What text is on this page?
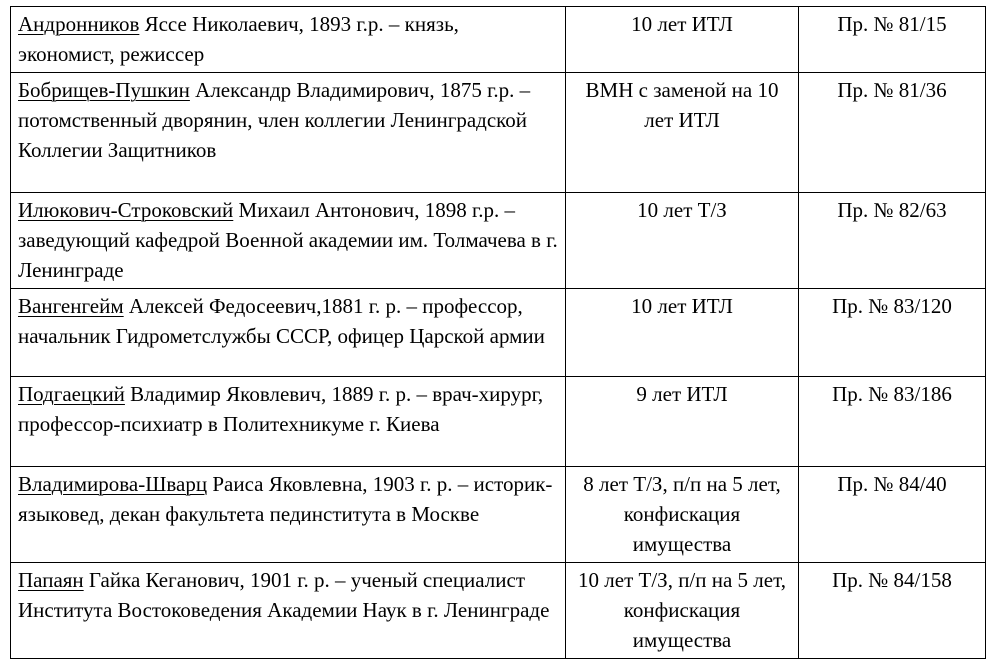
Андронников Яссе Николаевич, 1893 г.р. – князь, экономист, режиссер	10 лет ИТЛ	Пр. № 81/15
Бобрищев-Пушкин Александр Владимирович, 1875 г.р. – потомственный дворянин, член коллегии Ленинградской Коллегии Защитников	ВМН с заменой на 10 лет ИТЛ	Пр. № 81/36
Илюкович-Строковский Михаил Антонович, 1898 г.р. – заведующий кафедрой Военной академии им. Толмачева в г. Ленинграде	10 лет Т/З	Пр. № 82/63
Вангенгейм Алексей Федосеевич,1881 г. р. – профессор, начальник Гидрометслужбы СССР, офицер Царской армии	10 лет ИТЛ	Пр. № 83/120
Подгаецкий Владимир Яковлевич, 1889 г. р. – врач-хирург, профессор-психиатр в Политехникуме г. Киева	9 лет ИТЛ	Пр. № 83/186
Владимирова-Шварц Раиса Яковлевна, 1903 г. р. – историк-языковед, декан факультета пединститута в Москве	8 лет Т/З, п/п на 5 лет, конфискация имущества	Пр. № 84/40
Папаян Гайка Кеганович, 1901 г. р. – ученый специалист Института Востоковедения Академии Наук в г. Ленинграде	10 лет Т/З, п/п на 5 лет, конфискация имущества	Пр. № 84/158
